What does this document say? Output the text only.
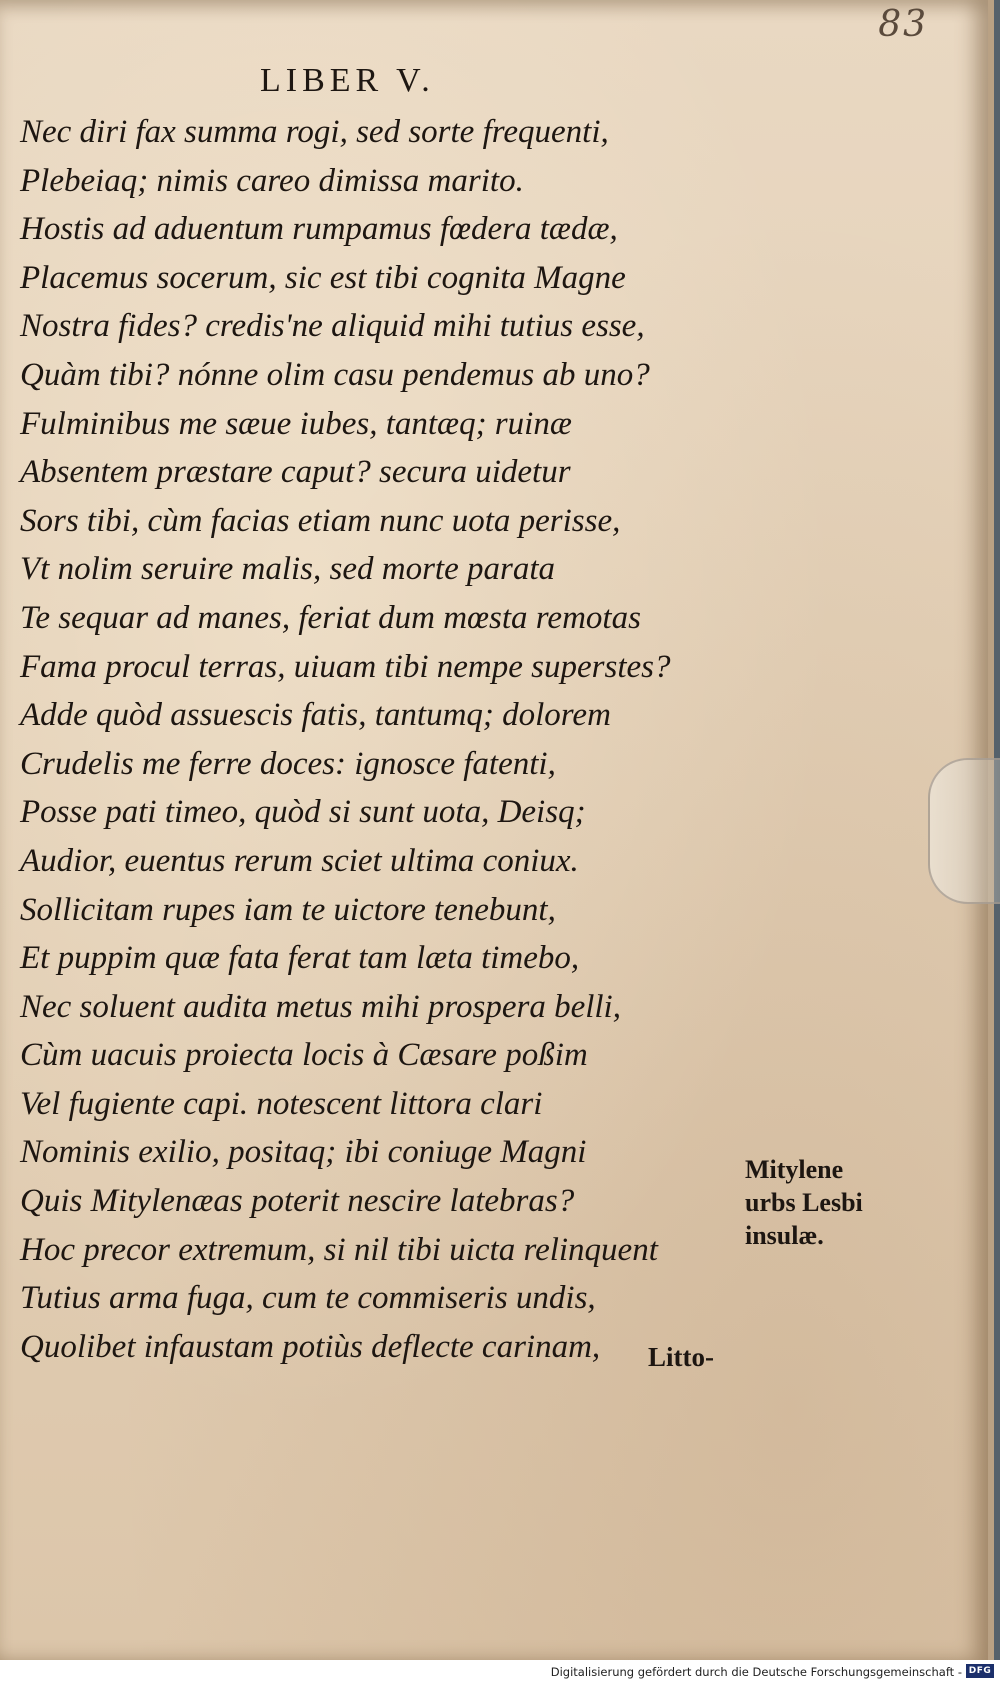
83
LIBER V.
Nec diri fax summa rogi, sed sorte frequenti,
Plebeiaq; nimis careo dimissa marito.
Hostis ad aduentum rumpamus fœdera tædæ,
Placemus socerum, sic est tibi cognita Magne
Nostra fides? credis'ne aliquid mihi tutius esse,
Quàm tibi? nónne olim casu pendemus ab uno?
Fulminibus me sæue iubes, tantæq; ruinæ
Absentem præstare caput? secura uidetur
Sors tibi, cùm facias etiam nunc uota perisse,
Vt nolim seruire malis, sed morte parata
Te sequar ad manes, feriat dum mœsta remotas
Fama procul terras, uiuam tibi nempe superstes?
Adde quòd assuescis fatis, tantumq; dolorem
Crudelis me ferre doces: ignosce fatenti,
Posse pati timeo, quòd si sunt uota, Deisq;
Audior, euentus rerum sciet ultima coniux.
Sollicitam rupes iam te uictore tenebunt,
Et puppim quæ fata ferat tam læta timebo,
Nec soluent audita metus mihi prospera belli,
Cùm uacuis proiecta locis à Cæsare poßim
Vel fugiente capi. notescent littora clari
Nominis exilio, positaq; ibi coniuge Magni
Quis Mitylenæas poterit nescire latebras?
Hoc precor extremum, si nil tibi uicta relinquent
Tutius arma fuga, cum te commiseris undis,
Quolibet infaustam potiùs deflecte carinam,
Mitylene
urbs Lesbi
insulæ.
Litto-
Digitalisierung gefördert durch die Deutsche Forschungsgemeinschaft - DFG
